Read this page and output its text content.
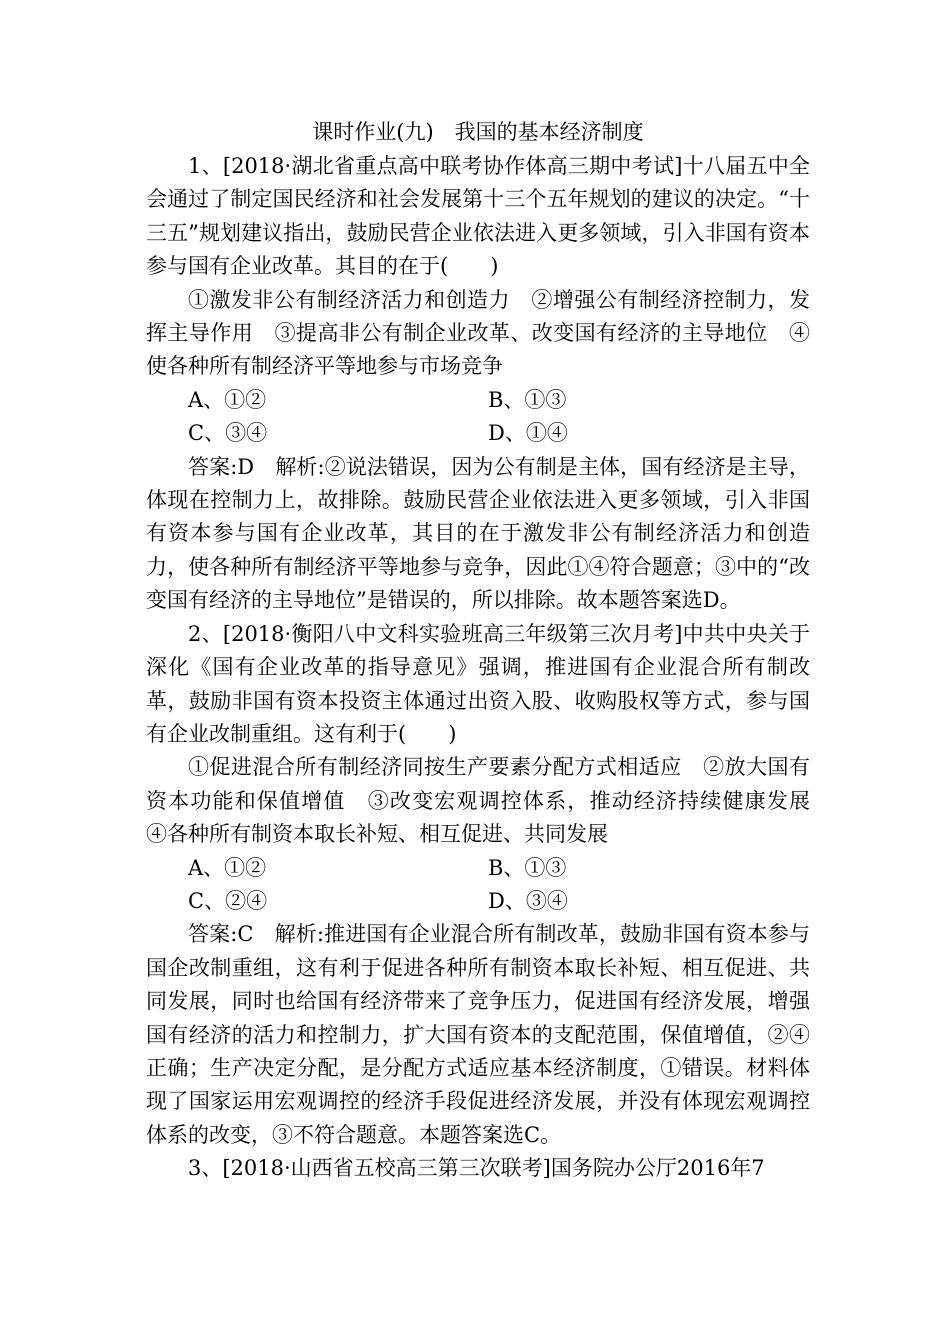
课时作业(九)　我国的基本经济制度

1、[2018·湖北省重点高中联考协作体高三期中考试]十八届五中全会通过了制定国民经济和社会发展第十三个五年规划的建议的决定。“十三五”规划建议指出，鼓励民营企业依法进入更多领域，引入非国有资本参与国有企业改革。其目的在于(　　)

①激发非公有制经济活力和创造力　②增强公有制经济控制力，发挥主导作用　③提高非公有制企业改革、改变国有经济的主导地位　④使各种所有制经济平等地参与市场竞争

A、①②	B、①③
C、③④	D、①④

答案:D　解析:②说法错误，因为公有制是主体，国有经济是主导，体现在控制力上，故排除。鼓励民营企业依法进入更多领域，引入非国有资本参与国有企业改革，其目的在于激发非公有制经济活力和创造力，使各种所有制经济平等地参与竞争，因此①④符合题意；③中的“改变国有经济的主导地位”是错误的，所以排除。故本题答案选D。

2、[2018·衡阳八中文科实验班高三年级第三次月考]中共中央关于深化《国有企业改革的指导意见》强调，推进国有企业混合所有制改革，鼓励非国有资本投资主体通过出资入股、收购股权等方式，参与国有企业改制重组。这有利于(　　)

①促进混合所有制经济同按生产要素分配方式相适应　②放大国有资本功能和保值增值　③改变宏观调控体系，推动经济持续健康发展　④各种所有制资本取长补短、相互促进、共同发展

A、①②	B、①③
C、②④	D、③④

答案:C　解析:推进国有企业混合所有制改革，鼓励非国有资本参与国企改制重组，这有利于促进各种所有制资本取长补短、相互促进、共同发展，同时也给国有经济带来了竞争压力，促进国有经济发展，增强国有经济的活力和控制力，扩大国有资本的支配范围，保值增值，②④正确；生产决定分配，是分配方式适应基本经济制度，①错误。材料体现了国家运用宏观调控的经济手段促进经济发展，并没有体现宏观调控体系的改变，③不符合题意。本题答案选C。

3、[2018·山西省五校高三第三次联考]国务院办公厅2016年7
